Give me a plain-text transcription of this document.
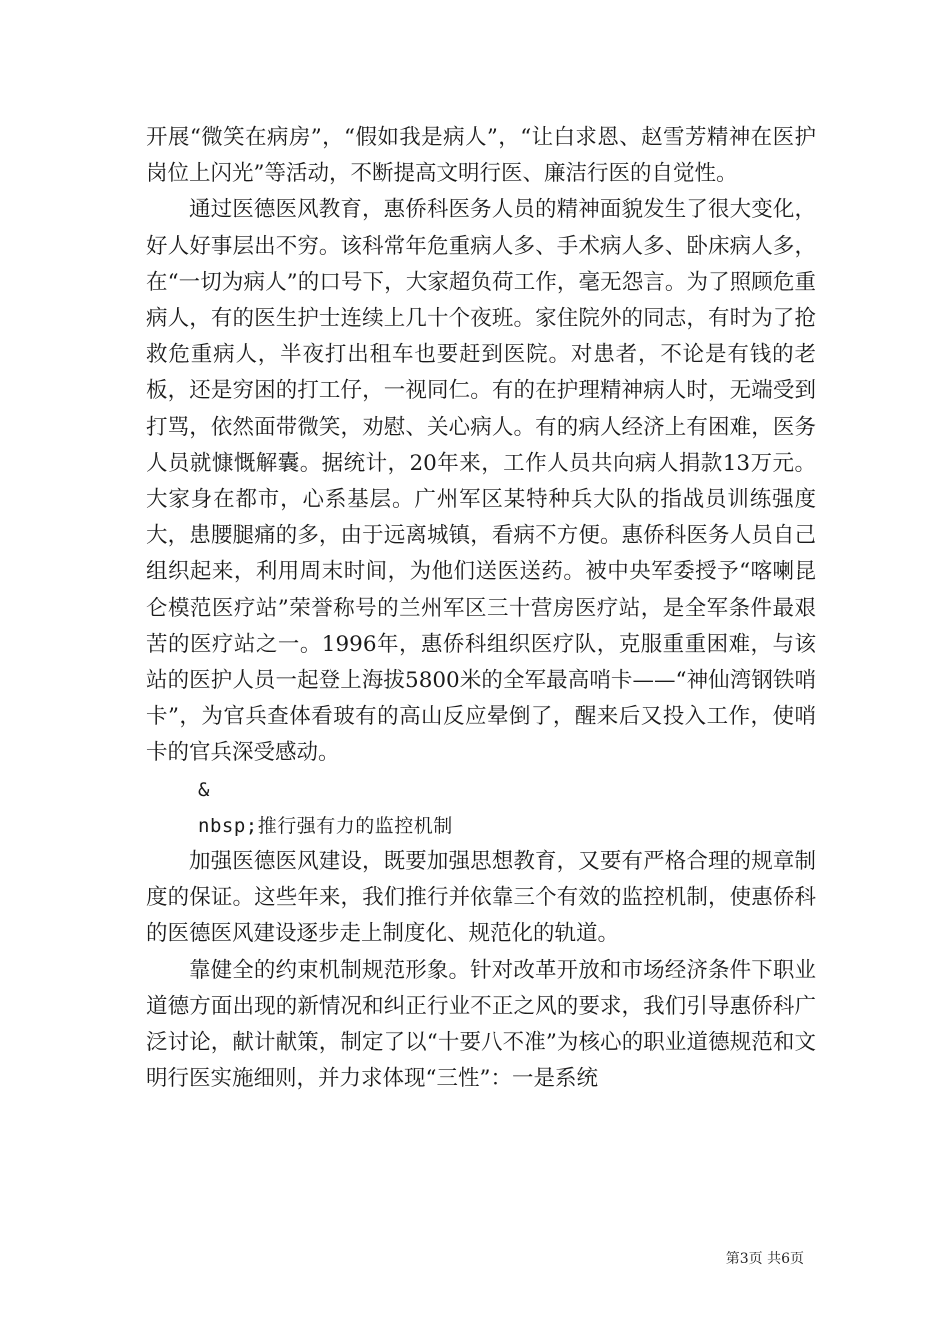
开展“微笑在病房”，“假如我是病人”，“让白求恩、赵雪芳精神在医护岗位上闪光”等活动，不断提高文明行医、廉洁行医的自觉性。

通过医德医风教育，惠侨科医务人员的精神面貌发生了很大变化，好人好事层出不穷。该科常年危重病人多、手术病人多、卧床病人多，在“一切为病人”的口号下，大家超负荷工作，毫无怨言。为了照顾危重病人，有的医生护士连续上几十个夜班。家住院外的同志，有时为了抢救危重病人，半夜打出租车也要赶到医院。对患者，不论是有钱的老板，还是穷困的打工仔，一视同仁。有的在护理精神病人时，无端受到打骂，依然面带微笑，劝慰、关心病人。有的病人经济上有困难，医务人员就慷慨解囊。据统计，20年来，工作人员共向病人捐款13万元。大家身在都市，心系基层。广州军区某特种兵大队的指战员训练强度大，患腰腿痛的多，由于远离城镇，看病不方便。惠侨科医务人员自己组织起来，利用周末时间，为他们送医送药。被中央军委授予“喀喇昆仑模范医疗站”荣誉称号的兰州军区三十营房医疗站，是全军条件最艰苦的医疗站之一。1996年，惠侨科组织医疗队，克服重重困难，与该站的医护人员一起登上海拔5800米的全军最高哨卡——“神仙湾钢铁哨卡”，为官兵查体看玻有的高山反应晕倒了，醒来后又投入工作，使哨卡的官兵深受感动。

&

nbsp;推行强有力的监控机制

加强医德医风建设，既要加强思想教育，又要有严格合理的规章制度的保证。这些年来，我们推行并依靠三个有效的监控机制，使惠侨科的医德医风建设逐步走上制度化、规范化的轨道。

靠健全的约束机制规范形象。针对改革开放和市场经济条件下职业道德方面出现的新情况和纠正行业不正之风的要求，我们引导惠侨科广泛讨论，献计献策，制定了以“十要八不准”为核心的职业道德规范和文明行医实施细则，并力求体现“三性”：一是系统

第3页 共6页
